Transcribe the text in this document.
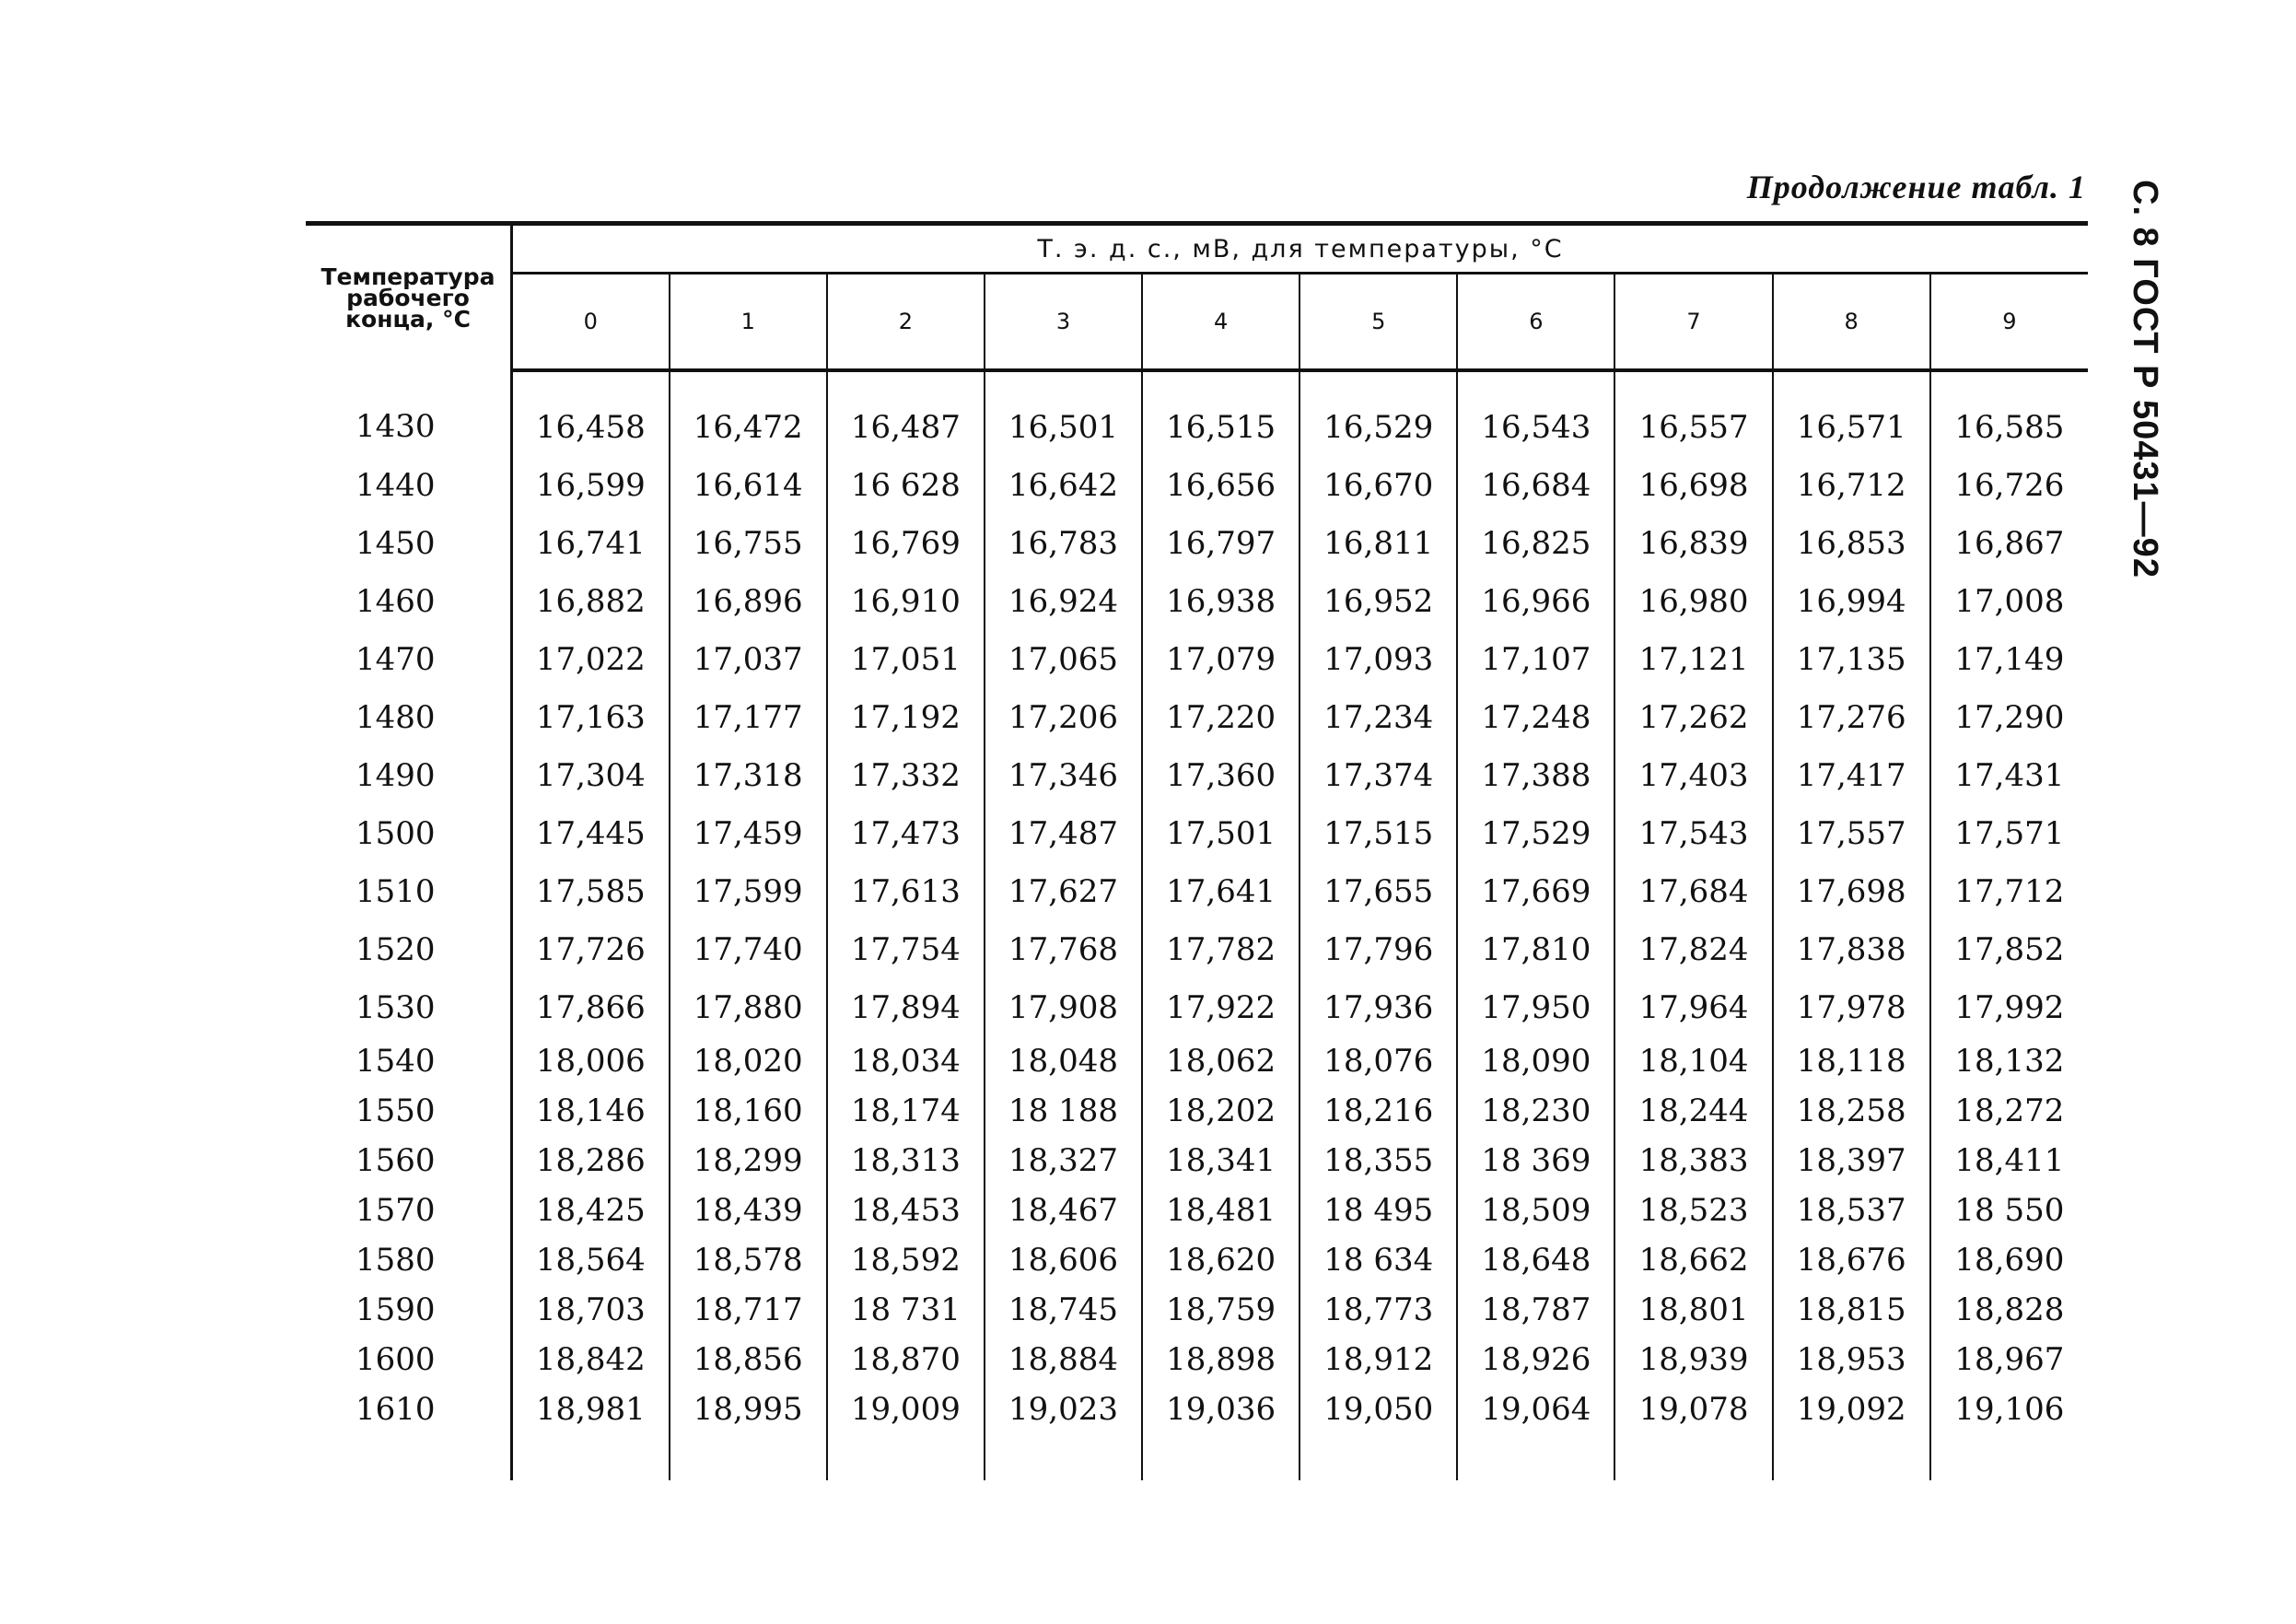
Продолжение табл. 1 С. 8 ГОСТ Р 50431—92
Температура рабочего конца, °С	Т. э. д. с., мВ, для температуры, °С									
	0	1	2	3	4	5	6	7	8	9
1430	16,458	16,472	16,487	16,501	16,515	16,529	16,543	16,557	16,571	16,585
1440	16,599	16,614	16 628	16,642	16,656	16,670	16,684	16,698	16,712	16,726
1450	16,741	16,755	16,769	16,783	16,797	16,811	16,825	16,839	16,853	16,867
1460	16,882	16,896	16,910	16,924	16,938	16,952	16,966	16,980	16,994	17,008
1470	17,022	17,037	17,051	17,065	17,079	17,093	17,107	17,121	17,135	17,149
1480	17,163	17,177	17,192	17,206	17,220	17,234	17,248	17,262	17,276	17,290
1490	17,304	17,318	17,332	17,346	17,360	17,374	17,388	17,403	17,417	17,431
1500	17,445	17,459	17,473	17,487	17,501	17,515	17,529	17,543	17,557	17,571
1510	17,585	17,599	17,613	17,627	17,641	17,655	17,669	17,684	17,698	17,712
1520	17,726	17,740	17,754	17,768	17,782	17,796	17,810	17,824	17,838	17,852
1530	17,866	17,880	17,894	17,908	17,922	17,936	17,950	17,964	17,978	17,992
1540	18,006	18,020	18,034	18,048	18,062	18,076	18,090	18,104	18,118	18,132
1550	18,146	18,160	18,174	18 188	18,202	18,216	18,230	18,244	18,258	18,272
1560	18,286	18,299	18,313	18,327	18,341	18,355	18 369	18,383	18,397	18,411
1570	18,425	18,439	18,453	18,467	18,481	18 495	18,509	18,523	18,537	18 550
1580	18,564	18,578	18,592	18,606	18,620	18 634	18,648	18,662	18,676	18,690
1590	18,703	18,717	18 731	18,745	18,759	18,773	18,787	18,801	18,815	18,828
1600	18,842	18,856	18,870	18,884	18,898	18,912	18,926	18,939	18,953	18,967
1610	18,981	18,995	19,009	19,023	19,036	19,050	19,064	19,078	19,092	19,106
